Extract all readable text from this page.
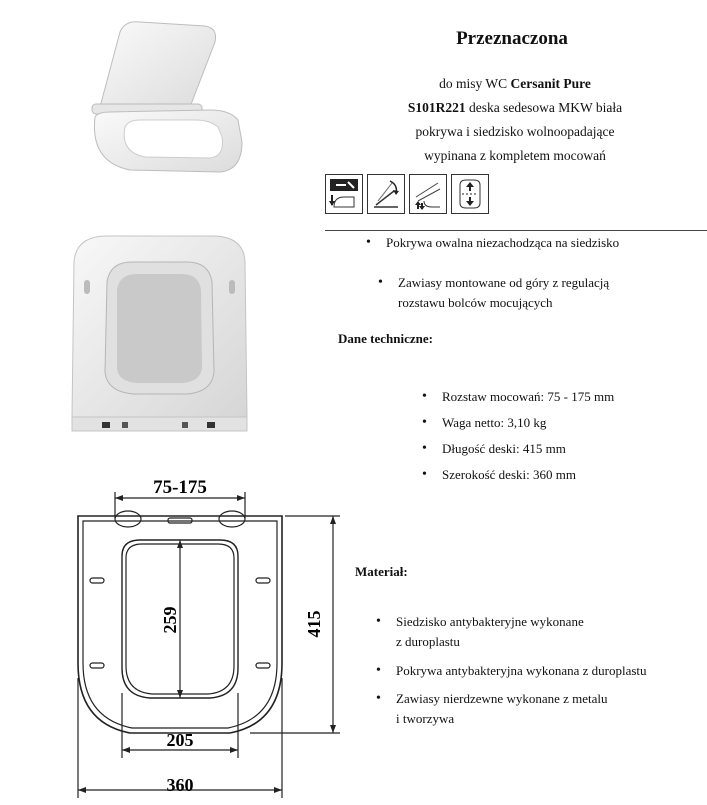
75-175
259	415
205
360
Przeznaczona
do misy WC Cersanit Pure
S101R221 deska sedesowa MKW biała
pokrywa i siedzisko wolnoopadające
wypinana z kompletem mocowań
• Pokrywa owalna niezachodząca na siedzisko
• Zawiasy montowane od góry z regulacją
rozstawu bolców mocujących
Dane techniczne:
• Rozstaw mocowań: 75 - 175 mm
• Waga netto: 3,10 kg
• Długość deski: 415 mm
• Szerokość deski: 360 mm
Materiał:
• Siedzisko antybakteryjne wykonane
z duroplastu
• Pokrywa antybakteryjna wykonana z duroplastu
• Zawiasy nierdzewne wykonane z metalu
i tworzywa
